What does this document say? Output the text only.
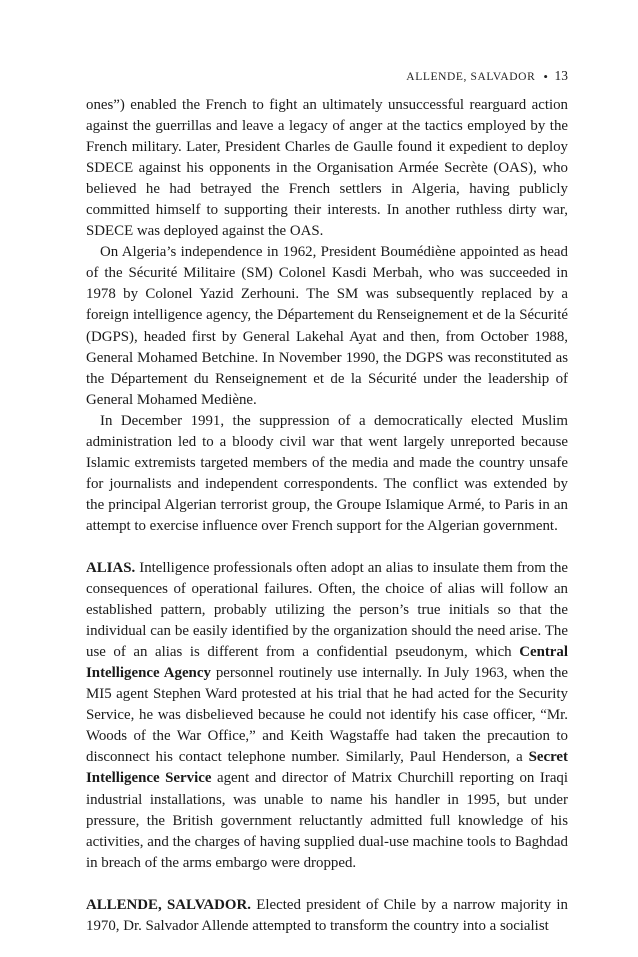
ALLENDE, SALVADOR • 13

ones”) enabled the French to fight an ultimately unsuccessful rearguard action against the guerrillas and leave a legacy of anger at the tactics employed by the French military. Later, President Charles de Gaulle found it expedient to deploy SDECE against his opponents in the Organisation Armée Secrète (OAS), who believed he had betrayed the French settlers in Algeria, having publicly committed himself to supporting their interests. In another ruthless dirty war, SDECE was deployed against the OAS.

On Algeria’s independence in 1962, President Boumédiène appointed as head of the Sécurité Militaire (SM) Colonel Kasdi Merbah, who was succeeded in 1978 by Colonel Yazid Zerhouni. The SM was subsequently replaced by a foreign intelligence agency, the Département du Renseignement et de la Sécurité (DGPS), headed first by General Lakehal Ayat and then, from October 1988, General Mohamed Betchine. In November 1990, the DGPS was reconstituted as the Département du Renseignement et de la Sécurité under the leadership of General Mohamed Mediène.

In December 1991, the suppression of a democratically elected Muslim administration led to a bloody civil war that went largely unreported because Islamic extremists targeted members of the media and made the country unsafe for journalists and independent correspondents. The conflict was extended by the principal Algerian terrorist group, the Groupe Islamique Armé, to Paris in an attempt to exercise influence over French support for the Algerian government.

ALIAS. Intelligence professionals often adopt an alias to insulate them from the consequences of operational failures. Often, the choice of alias will follow an established pattern, probably utilizing the person’s true initials so that the individual can be easily identified by the organization should the need arise. The use of an alias is different from a confidential pseudonym, which Central Intelligence Agency personnel routinely use internally. In July 1963, when the MI5 agent Stephen Ward protested at his trial that he had acted for the Security Service, he was disbelieved because he could not identify his case officer, “Mr. Woods of the War Office,” and Keith Wagstaffe had taken the precaution to disconnect his contact telephone number. Similarly, Paul Henderson, a Secret Intelligence Service agent and director of Matrix Churchill reporting on Iraqi industrial installations, was unable to name his handler in 1995, but under pressure, the British government reluctantly admitted full knowledge of his activities, and the charges of having supplied dual-use machine tools to Baghdad in breach of the arms embargo were dropped.

ALLENDE, SALVADOR. Elected president of Chile by a narrow majority in 1970, Dr. Salvador Allende attempted to transform the country into a socialist
